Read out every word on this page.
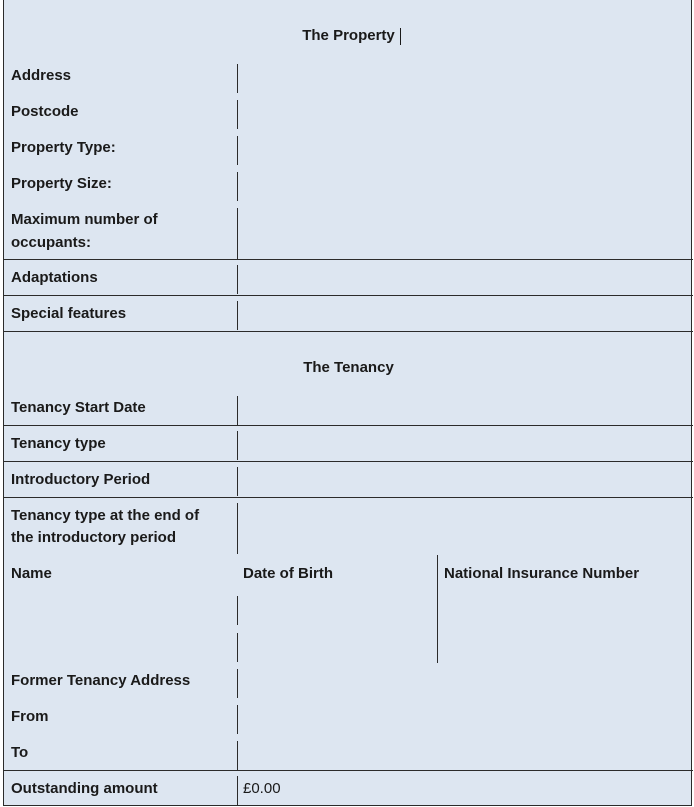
The Property
Address
Postcode
Property Type:
Property Size:
Maximum number of
occupants:
Adaptations
Special features
The Tenancy
Tenancy Start Date
Tenancy type
Introductory Period
Tenancy type at the end of
the introductory period
Name	Date of Birth	National Insurance Number
Former Tenancy Address
From
To
Outstanding amount	£0.00
